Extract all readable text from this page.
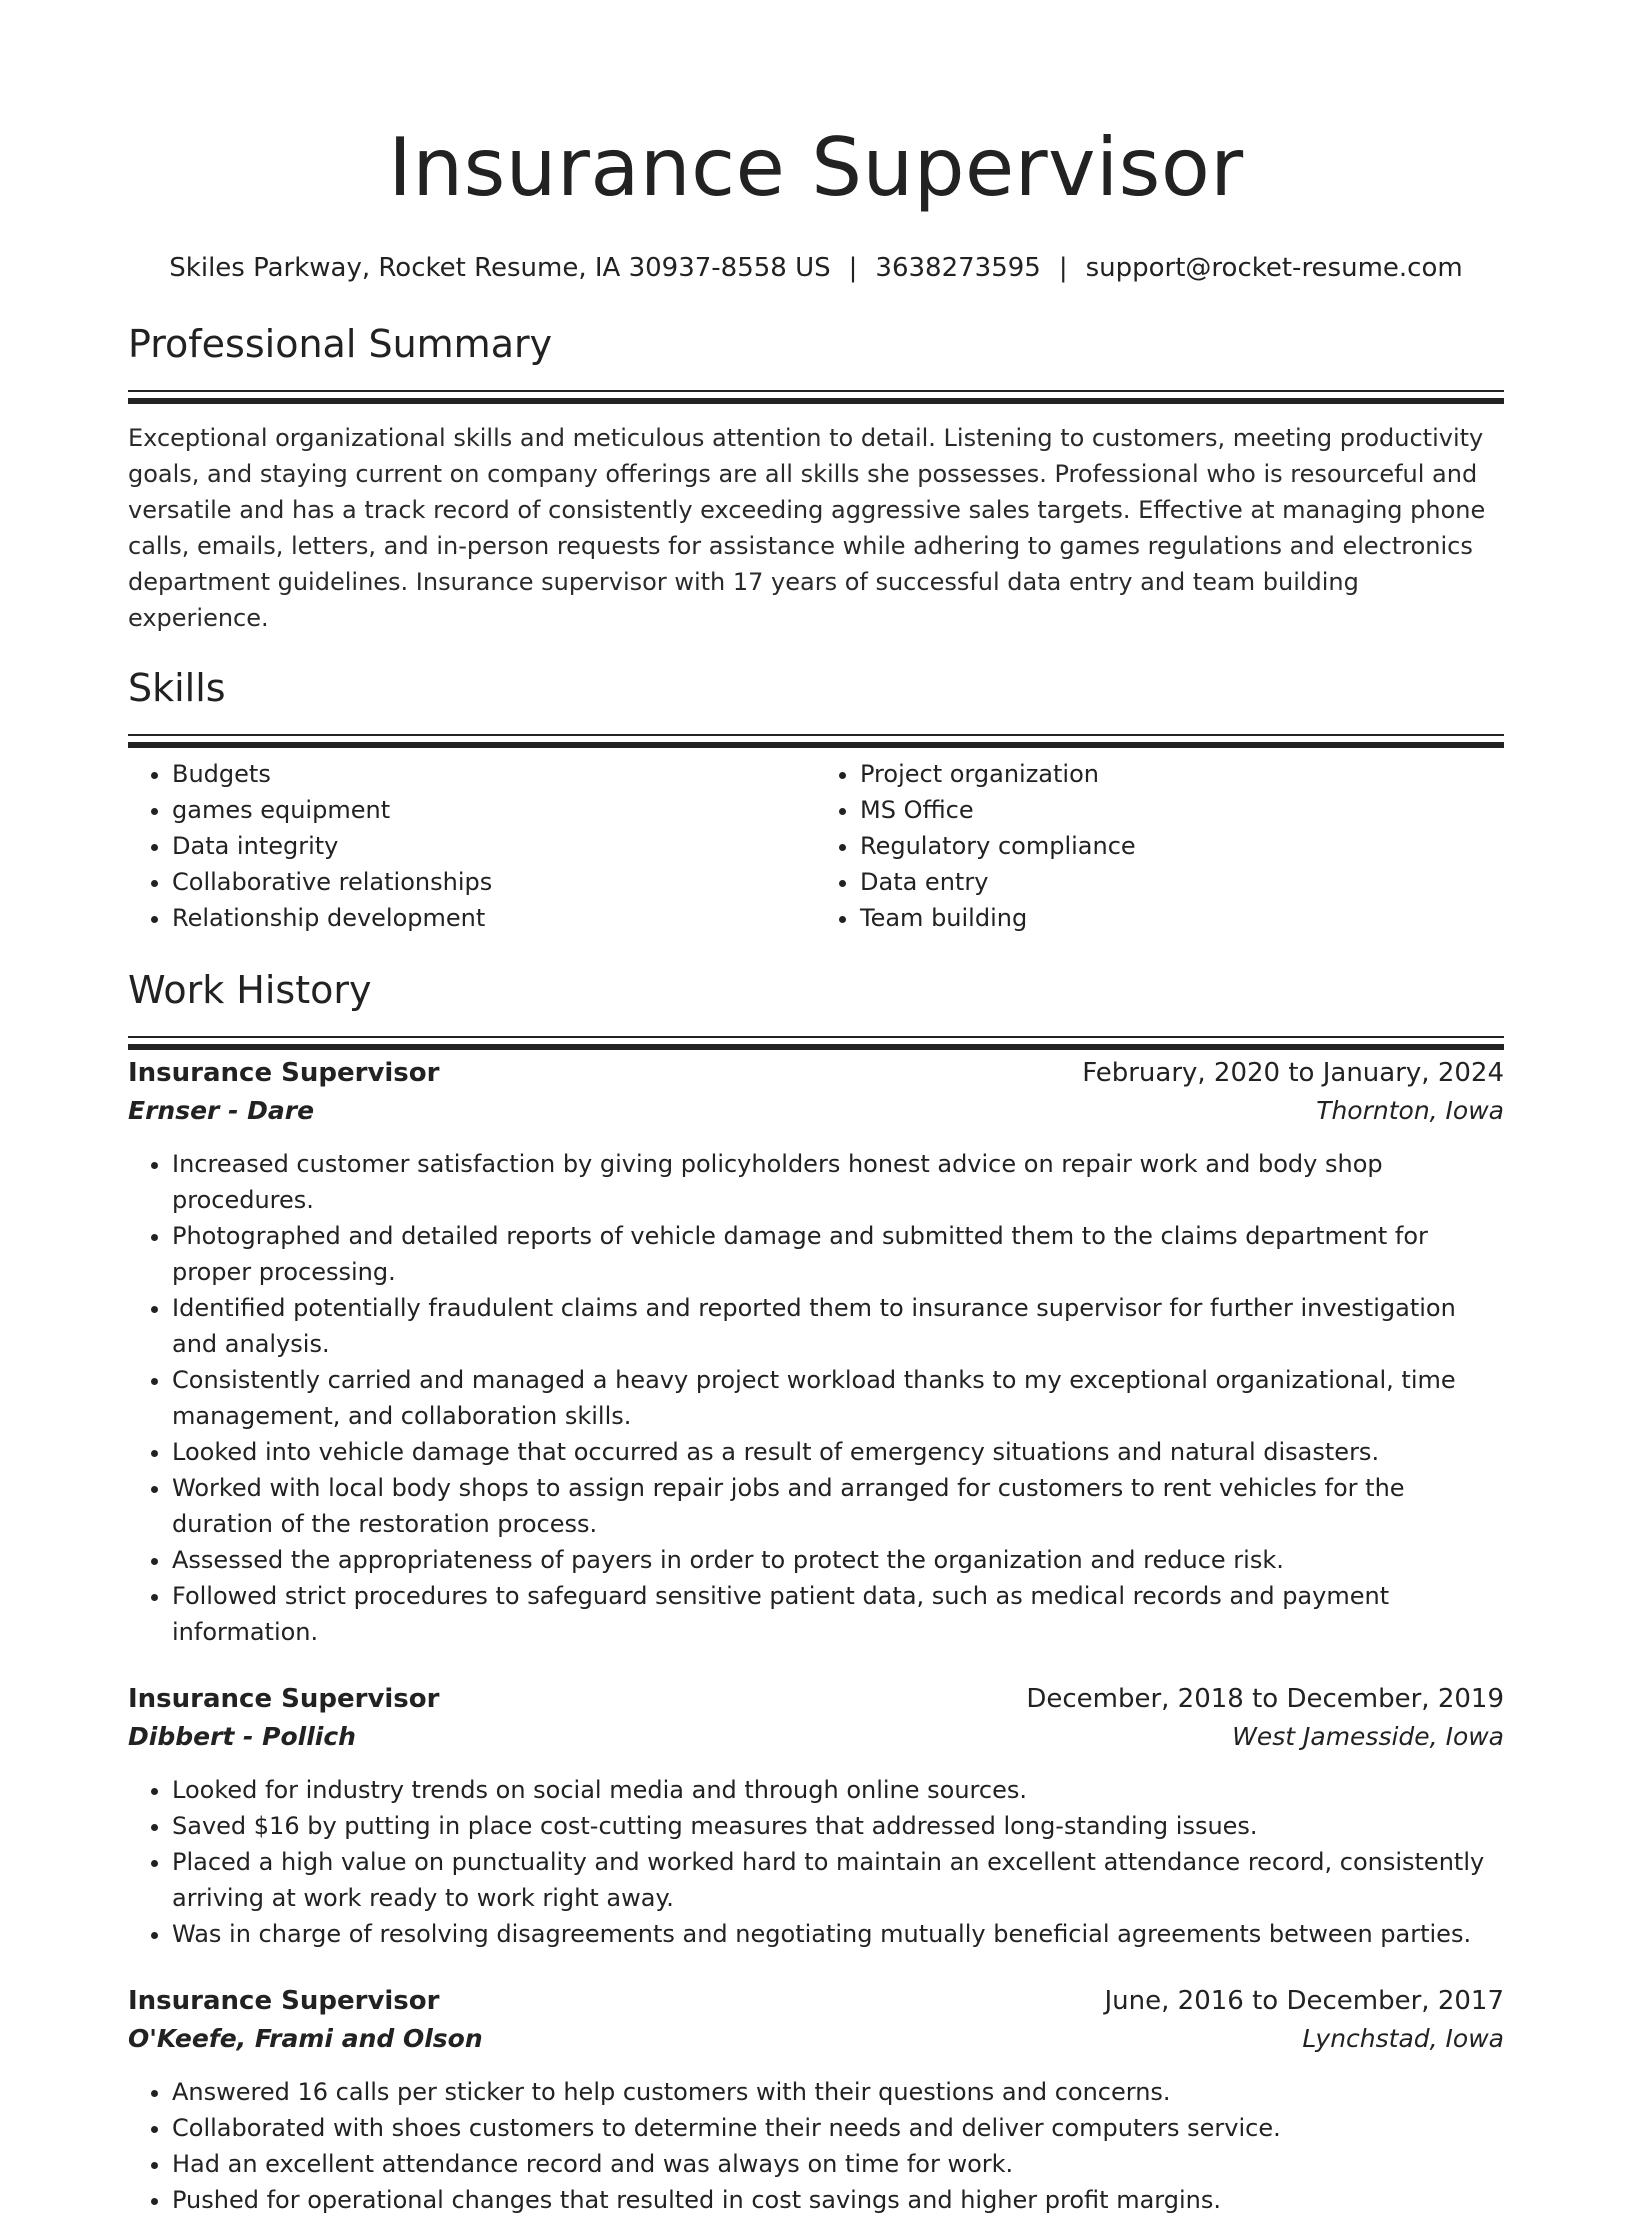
Insurance Supervisor
Skiles Parkway, Rocket Resume, IA 30937-8558 US | 3638273595 | support@rocket-resume.com
Professional Summary

Exceptional organizational skills and meticulous attention to detail. Listening to customers, meeting productivity goals, and staying current on company offerings are all skills she possesses. Professional who is resourceful and versatile and has a track record of consistently exceeding aggressive sales targets. Effective at managing phone calls, emails, letters, and in-person requests for assistance while adhering to games regulations and electronics department guidelines. Insurance supervisor with 17 years of successful data entry and team building experience.

Skills
• Budgets
• games equipment
• Data integrity
• Collaborative relationships
• Relationship development
• Project organization
• MS Office
• Regulatory compliance
• Data entry
• Team building
Work History
Insurance Supervisor	February, 2020 to January, 2024
Ernser - Dare	Thornton, Iowa
• Increased customer satisfaction by giving policyholders honest advice on repair work and body shop procedures.
• Photographed and detailed reports of vehicle damage and submitted them to the claims department for proper processing.
• Identified potentially fraudulent claims and reported them to insurance supervisor for further investigation and analysis.
• Consistently carried and managed a heavy project workload thanks to my exceptional organizational, time management, and collaboration skills.
• Looked into vehicle damage that occurred as a result of emergency situations and natural disasters.
• Worked with local body shops to assign repair jobs and arranged for customers to rent vehicles for the duration of the restoration process.
• Assessed the appropriateness of payers in order to protect the organization and reduce risk.
• Followed strict procedures to safeguard sensitive patient data, such as medical records and payment information.
Insurance Supervisor	December, 2018 to December, 2019
Dibbert - Pollich	West Jamesside, Iowa
• Looked for industry trends on social media and through online sources.
• Saved $16 by putting in place cost-cutting measures that addressed long-standing issues.
• Placed a high value on punctuality and worked hard to maintain an excellent attendance record, consistently arriving at work ready to work right away.
• Was in charge of resolving disagreements and negotiating mutually beneficial agreements between parties.
Insurance Supervisor	June, 2016 to December, 2017
O'Keefe, Frami and Olson	Lynchstad, Iowa
• Answered 16 calls per sticker to help customers with their questions and concerns.
• Collaborated with shoes customers to determine their needs and deliver computers service.
• Had an excellent attendance record and was always on time for work.
• Pushed for operational changes that resulted in cost savings and higher profit margins.
